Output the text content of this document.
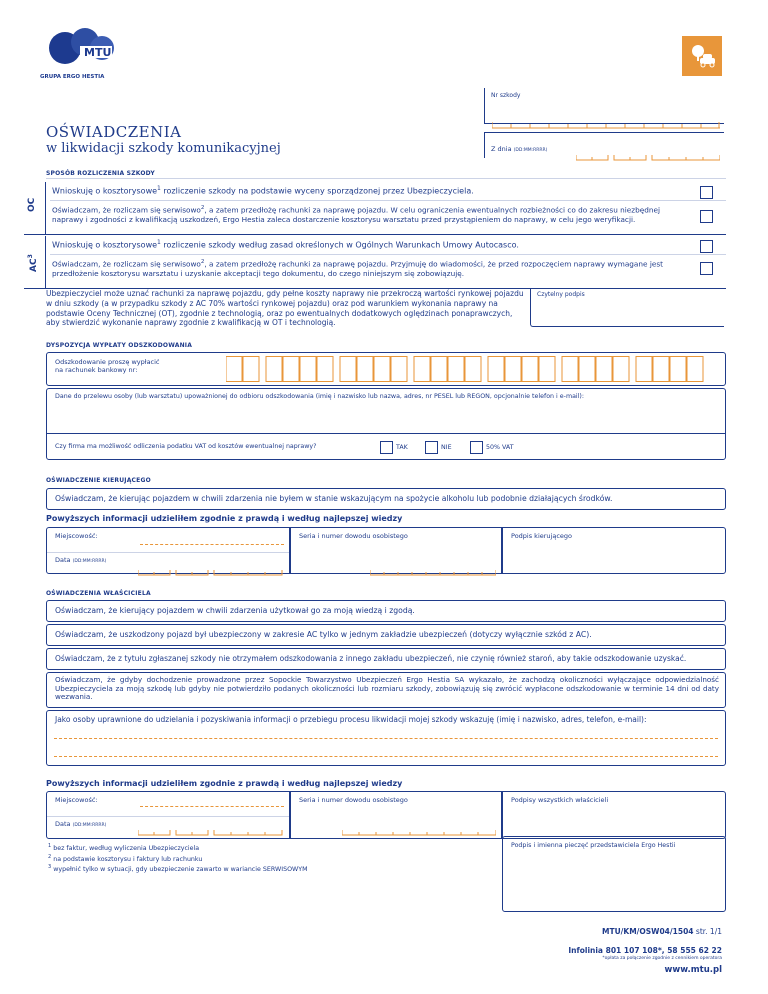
MTU
GRUPA ERGO HESTIA
Nr szkody
OŚWIADCZENIA
w likwidacji szkody komunikacyjnej	Z dnia (DD:MM:RRRR)
SPOSÓB ROZLICZENIA SZKODY
OC
Wnioskuję o kosztorysowe$^1$ rozliczenie szkody na podstawie wyceny sporządzonej przez Ubezpieczyciela.
Oświadczam, że rozliczam się serwisowo$^2$, a zatem przedłożę rachunki za naprawę pojazdu. W celu ograniczenia ewentualnych rozbieżności co do zakresu niezbędnej naprawy i zgodności z kwalifikacją uszkodzeń, Ergo Hestia zaleca dostarczenie kosztorysu warsztatu przed przystąpieniem do naprawy, w celu jego weryfikacji.
$AC^3$
Wnioskuję o kosztorysowe$^1$ rozliczenie szkody według zasad określonych w Ogólnych Warunkach Umowy Autocasco.
Oświadczam, że rozliczam się serwisowo$^2$, a zatem przedłożę rachunki za naprawę pojazdu. Przyjmuję do wiadomości, że przed rozpoczęciem naprawy wymagane jest przedłożenie kosztorysu warsztatu i uzyskanie akceptacji tego dokumentu, do czego niniejszym się zobowiązuję.
Ubezpieczyciel może uznać rachunki za naprawę pojazdu, gdy pełne koszty naprawy nie przekroczą wartości rynkowej pojazdu w dniu szkody (a w przypadku szkody z AC 70% wartości rynkowej pojazdu) oraz pod warunkiem wykonania naprawy na podstawie Oceny Technicznej (OT), zgodnie z technologią, oraz po ewentualnych dodatkowych oględzinach ponaprawczych, aby stwierdzić wykonanie naprawy zgodnie z kwalifikacją w OT i technologią.
Czytelny podpis
DYSPOZYCJA WYPŁATY ODSZKODOWANIA
Odszkodowanie proszę wypłacić
na rachunek bankowy nr:
Dane do przelewu osoby (lub warsztatu) upoważnionej do odbioru odszkodowania (imię i nazwisko lub nazwa, adres, nr PESEL lub REGON, opcjonalnie telefon i e-mail):
Czy firma ma możliwość odliczenia podatku VAT od kosztów ewentualnej naprawy?	TAK	NIE	50% VAT
OŚWIADCZENIE KIERUJĄCEGO
Oświadczam, że kierując pojazdem w chwili zdarzenia nie byłem w stanie wskazującym na spożycie alkoholu lub podobnie działających środków.
Powyższych informacji udzieliłem zgodnie z prawdą i według najlepszej wiedzy
Miejscowość:
Data (DD:MM:RRRR)
Seria i numer dowodu osobistego	Podpis kierującego
OŚWIADCZENIA WŁAŚCICIELA
Oświadczam, że kierujący pojazdem w chwili zdarzenia użytkował go za moją wiedzą i zgodą.
Oświadczam, że uszkodzony pojazd był ubezpieczony w zakresie AC tylko w jednym zakładzie ubezpieczeń (dotyczy wyłącznie szkód z AC).
Oświadczam, że z tytułu zgłaszanej szkody nie otrzymałem odszkodowania z innego zakładu ubezpieczeń, nie czynię również staroń, aby takie odszkodowanie uzyskać.
Oświadczam, że gdyby dochodzenie prowadzone przez Sopockie Towarzystwo Ubezpieczeń Ergo Hestia SA wykazało, że zachodzą okoliczności wyłączające odpowiedzialność Ubezpieczyciela za moją szkodę lub gdyby nie potwierdziło podanych okoliczności lub rozmiaru szkody, zobowiązuję się zwrócić wypłacone odszkodowanie w terminie 14 dni od daty wezwania.
Jako osoby uprawnione do udzielania i pozyskiwania informacji o przebiegu procesu likwidacji mojej szkody wskazuję (imię i nazwisko, adres, telefon, e-mail):
Powyższych informacji udzieliłem zgodnie z prawdą i według najlepszej wiedzy
Miejscowość:
Data (DD:MM:RRRR)
Seria i numer dowodu osobistego	Podpisy wszystkich właścicieli
$^1$ bez faktur, według wyliczenia Ubezpieczyciela
$^2$ na podstawie kosztorysu i faktury lub rachunku
$^3$ wypełnić tylko w sytuacji, gdy ubezpieczenie zawarto w wariancie SERWISOWYM
Podpis i imienna pieczęć przedstawiciela Ergo Hestii
MTU/KM/OSW04/1504 str. 1/1
Infolinia 801 107 108*, 58 555 62 22
*opłata za połączenie zgodnie z cennikiem operatora
www.mtu.pl
